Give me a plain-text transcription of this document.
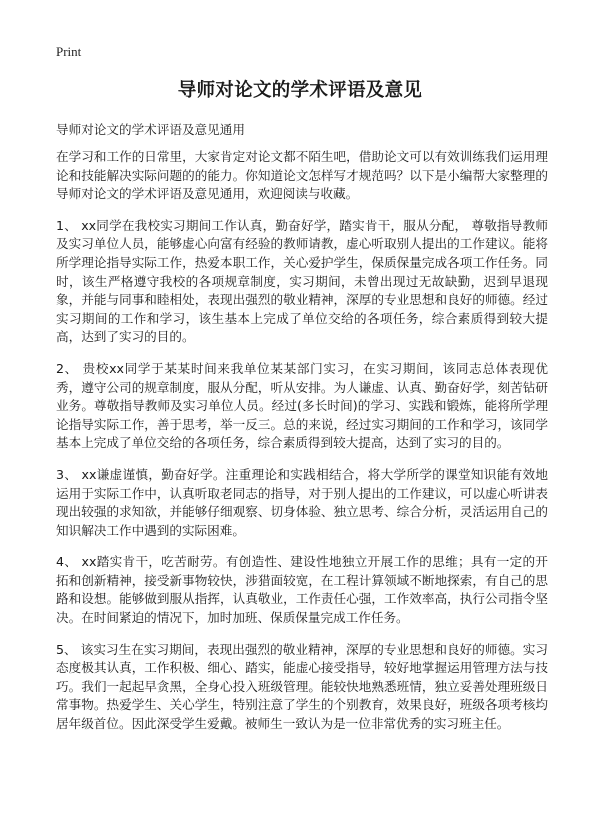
Print
导师对论文的学术评语及意见

导师对论文的学术评语及意见通用

在学习和工作的日常里，大家肯定对论文都不陌生吧，借助论文可以有效训练我们运用理论和技能解决实际问题的的能力。你知道论文怎样写才规范吗？以下是小编帮大家整理的导师对论文的学术评语及意见通用，欢迎阅读与收藏。

1、 xx同学在我校实习期间工作认真，勤奋好学，踏实肯干，服从分配， 尊敬指导教师及实习单位人员，能够虚心向富有经验的教师请教，虚心听取别人提出的工作建议。能将所学理论指导实际工作，热爱本职工作，关心爱护学生，保质保量完成各项工作任务。同时，该生严格遵守我校的各项规章制度，实习期间，未曾出现过无故缺勤，迟到早退现象，并能与同事和睦相处，表现出强烈的敬业精神，深厚的专业思想和良好的师德。经过实习期间的工作和学习，该生基本上完成了单位交给的各项任务，综合素质得到较大提高，达到了实习的目的。

2、 贵校xx同学于某某时间来我单位某某部门实习，在实习期间，该同志总体表现优秀，遵守公司的规章制度，服从分配，听从安排。为人谦虚、认真、勤奋好学，刻苦钻研业务。尊敬指导教师及实习单位人员。经过(多长时间)的学习、实践和锻炼，能将所学理论指导实际工作，善于思考，举一反三。总的来说，经过实习期间的工作和学习，该同学基本上完成了单位交给的各项任务，综合素质得到较大提高，达到了实习的目的。

3、 xx谦虚谨慎，勤奋好学。注重理论和实践相结合，将大学所学的课堂知识能有效地运用于实际工作中，认真听取老同志的指导，对于别人提出的工作建议，可以虚心听讲表现出较强的求知欲，并能够仔细观察、切身体验、独立思考、综合分析，灵活运用自己的知识解决工作中遇到的实际困难。

4、 xx踏实肯干，吃苦耐劳。有创造性、建设性地独立开展工作的思维；具有一定的开拓和创新精神，接受新事物较快，涉猎面较宽，在工程计算领域不断地探索，有自己的思路和设想。能够做到服从指挥，认真敬业，工作责任心强，工作效率高，执行公司指令坚决。在时间紧迫的情况下，加时加班、保质保量完成工作任务。

5、 该实习生在实习期间，表现出强烈的敬业精神，深厚的专业思想和良好的师德。实习态度极其认真，工作积极、细心、踏实，能虚心接受指导，较好地掌握运用管理方法与技巧。我们一起起早贪黑，全身心投入班级管理。能较快地熟悉班情，独立妥善处理班级日常事物。热爱学生、关心学生，特别注意了学生的个别教育，效果良好，班级各项考核均居年级首位。因此深受学生爱戴。被师生一致认为是一位非常优秀的实习班主任。
